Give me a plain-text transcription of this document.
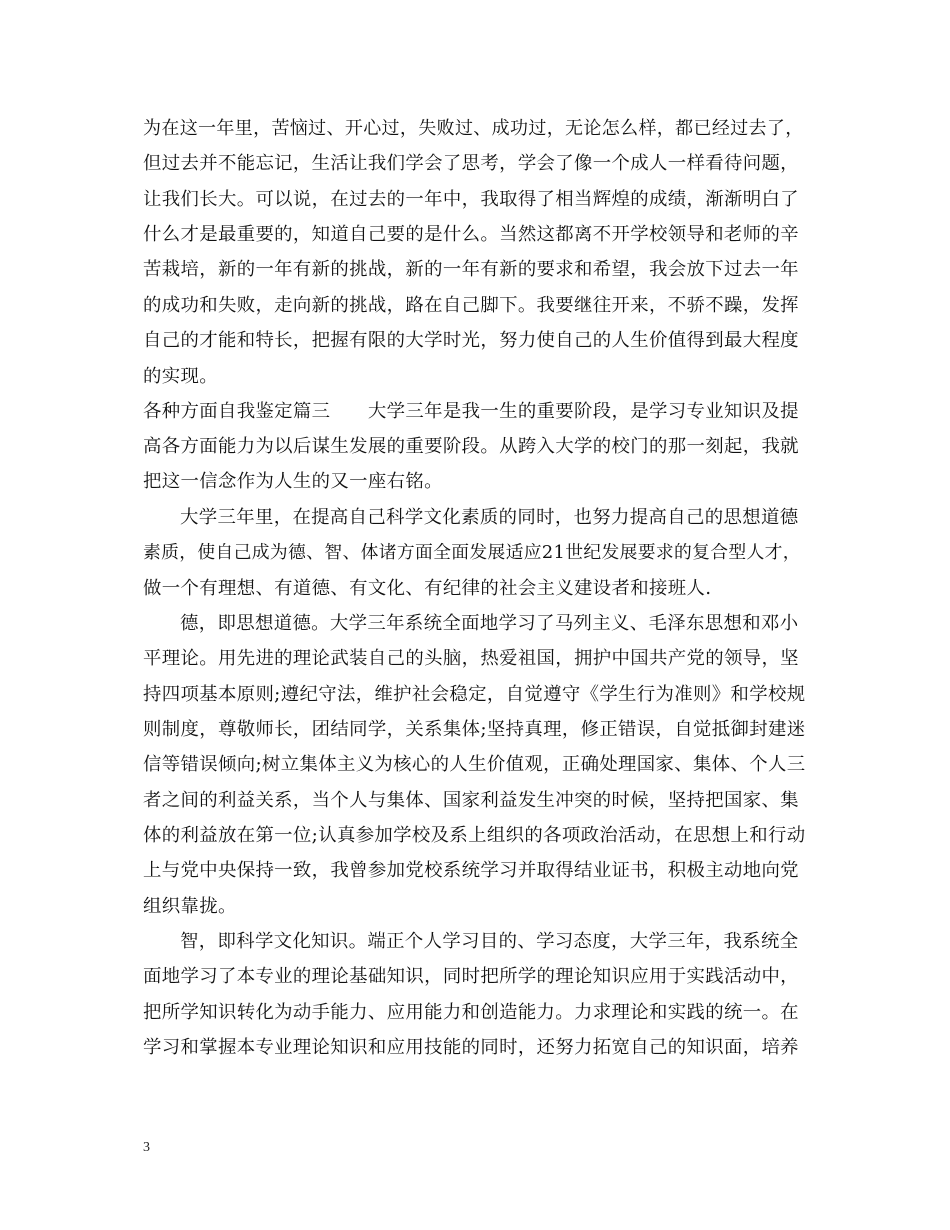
为在这一年里，苦恼过、开心过，失败过、成功过，无论怎么样，都已经过去了，
但过去并不能忘记，生活让我们学会了思考，学会了像一个成人一样看待问题，
让我们长大。可以说，在过去的一年中，我取得了相当辉煌的成绩，渐渐明白了
什么才是最重要的，知道自己要的是什么。当然这都离不开学校领导和老师的辛
苦栽培，新的一年有新的挑战，新的一年有新的要求和希望，我会放下过去一年
的成功和失败，走向新的挑战，路在自己脚下。我要继往开来，不骄不躁，发挥
自己的才能和特长，把握有限的大学时光，努力使自己的人生价值得到最大程度
的实现。
各种方面自我鉴定篇三　　大学三年是我一生的重要阶段，是学习专业知识及提
高各方面能力为以后谋生发展的重要阶段。从跨入大学的校门的那一刻起，我就
把这一信念作为人生的又一座右铭。
大学三年里，在提高自己科学文化素质的同时，也努力提高自己的思想道德
素质，使自己成为德、智、体诸方面全面发展适应21世纪发展要求的复合型人才，
做一个有理想、有道德、有文化、有纪律的社会主义建设者和接班人.
德，即思想道德。大学三年系统全面地学习了马列主义、毛泽东思想和邓小
平理论。用先进的理论武装自己的头脑，热爱祖国，拥护中国共产党的领导，坚
持四项基本原则;遵纪守法，维护社会稳定，自觉遵守《学生行为准则》和学校规
则制度，尊敬师长，团结同学，关系集体;坚持真理，修正错误，自觉抵御封建迷
信等错误倾向;树立集体主义为核心的人生价值观，正确处理国家、集体、个人三
者之间的利益关系，当个人与集体、国家利益发生冲突的时候，坚持把国家、集
体的利益放在第一位;认真参加学校及系上组织的各项政治活动，在思想上和行动
上与党中央保持一致，我曾参加党校系统学习并取得结业证书，积极主动地向党
组织靠拢。
智，即科学文化知识。端正个人学习目的、学习态度，大学三年，我系统全
面地学习了本专业的理论基础知识，同时把所学的理论知识应用于实践活动中，
把所学知识转化为动手能力、应用能力和创造能力。力求理论和实践的统一。在
学习和掌握本专业理论知识和应用技能的同时，还努力拓宽自己的知识面，培养
3
